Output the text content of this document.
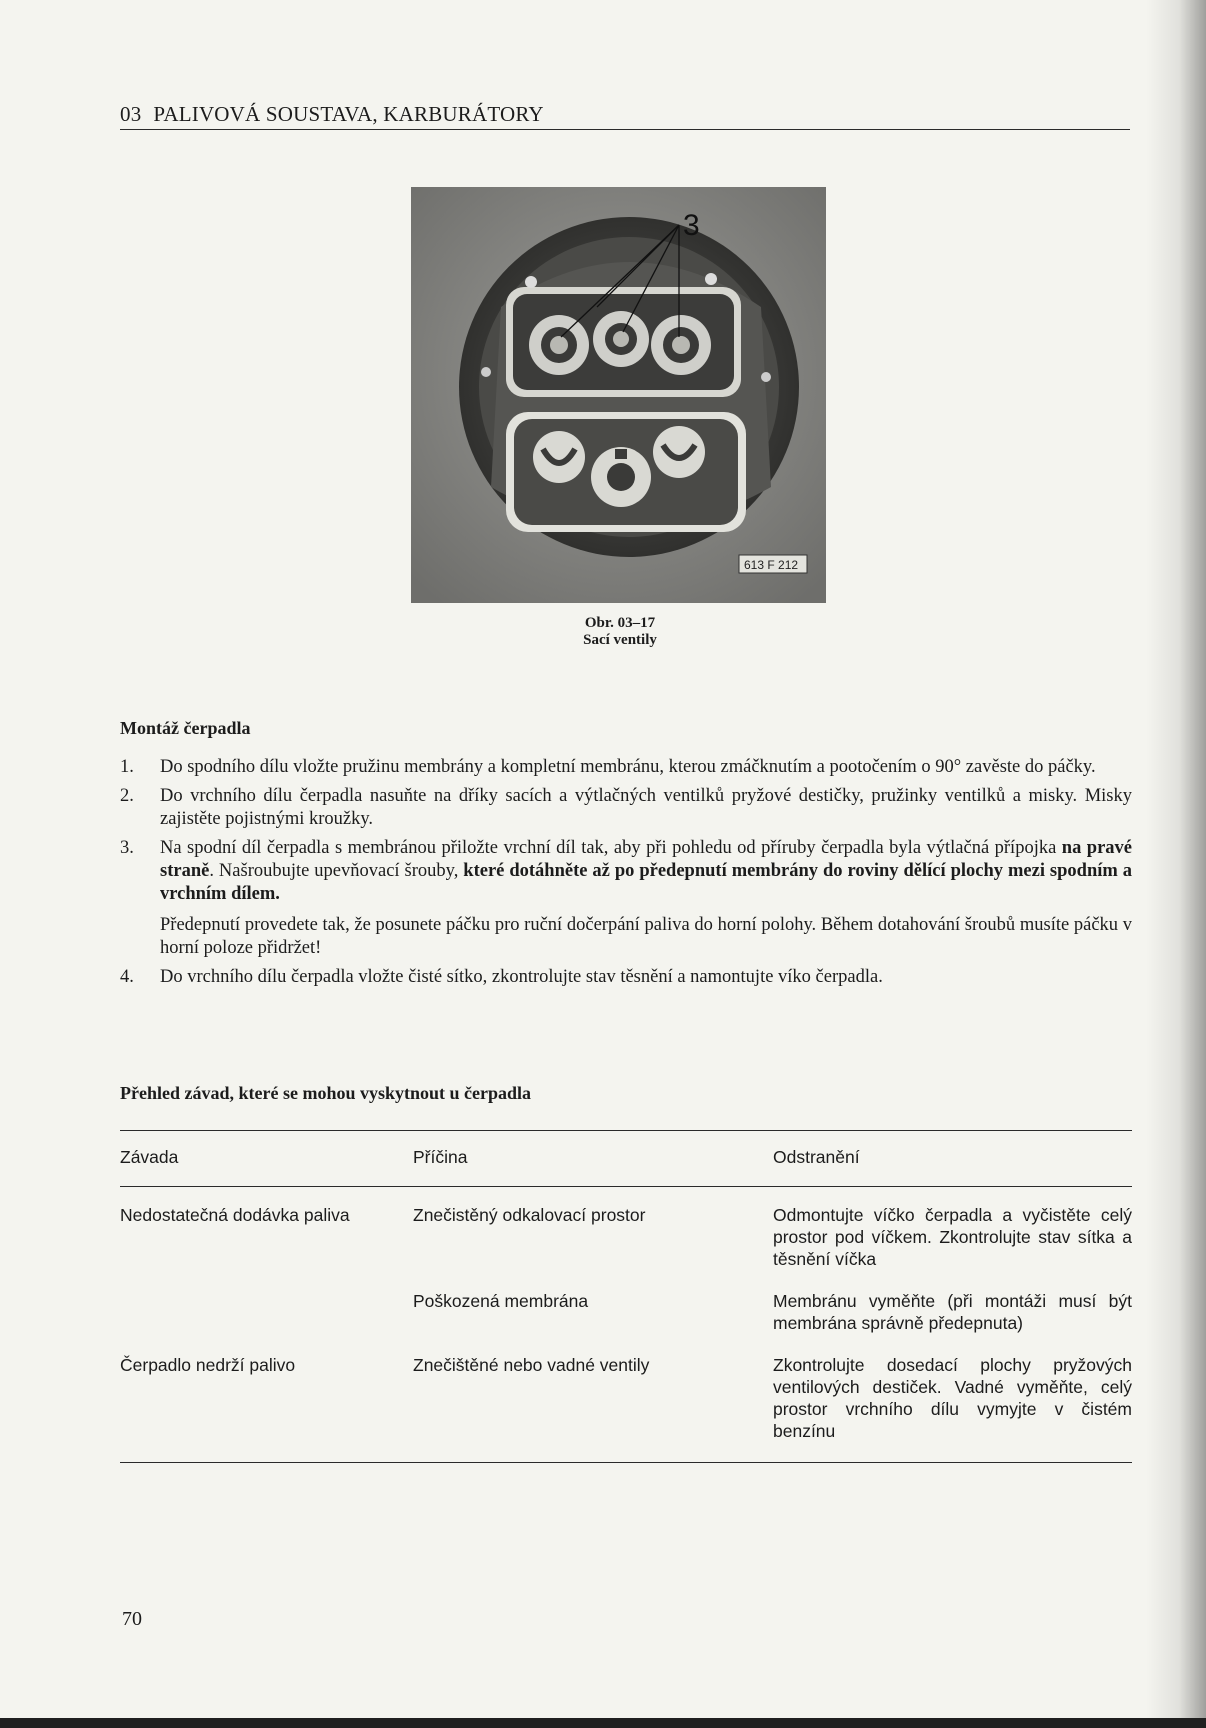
03 PALIVOVÁ SOUSTAVA, KARBURÁTORY
3
613 F 212
Obr. 03–17
Sací ventily
Montáž čerpadla
1. Do spodního dílu vložte pružinu membrány a kompletní membránu, kterou zmáčknutím a pootočením o 90° zavěste do páčky.

2. Do vrchního dílu čerpadla nasuňte na dříky sacích a výtlačných ventilků pryžové destičky, pružinky ventilků a misky. Misky zajistěte pojistnými kroužky.

3. Na spodní díl čerpadla s membránou přiložte vrchní díl tak, aby při pohledu od příruby čerpadla byla výtlačná přípojka na pravé straně. Našroubujte upevňovací šrouby, které dotáhněte až po předepnutí membrány do roviny dělící plochy mezi spodním a vrchním dílem.

Předepnutí provedete tak, že posunete páčku pro ruční dočerpání paliva do horní polohy. Během dotahování šroubů musíte páčku v horní poloze přidržet!

4. Do vrchního dílu čerpadla vložte čisté sítko, zkontrolujte stav těsnění a namontujte víko čerpadla.

Přehled závad, které se mohou vyskytnout u čerpadla
Závada	Příčina	Odstranění
Nedostatečná dodávka paliva	Znečistěný odkalovací prostor	Odmontujte víčko čerpadla a vyčistěte celý prostor pod víčkem. Zkontrolujte stav sítka a těsnění víčka
	Poškozená membrána	Membránu vyměňte (při montáži musí být membrána správně předepnuta)
Čerpadlo nedrží palivo	Znečištěné nebo vadné ventily	Zkontrolujte dosedací plochy pryžových ventilových destiček. Vadné vyměňte, celý prostor vrchního dílu vymyjte v čistém benzínu
70
